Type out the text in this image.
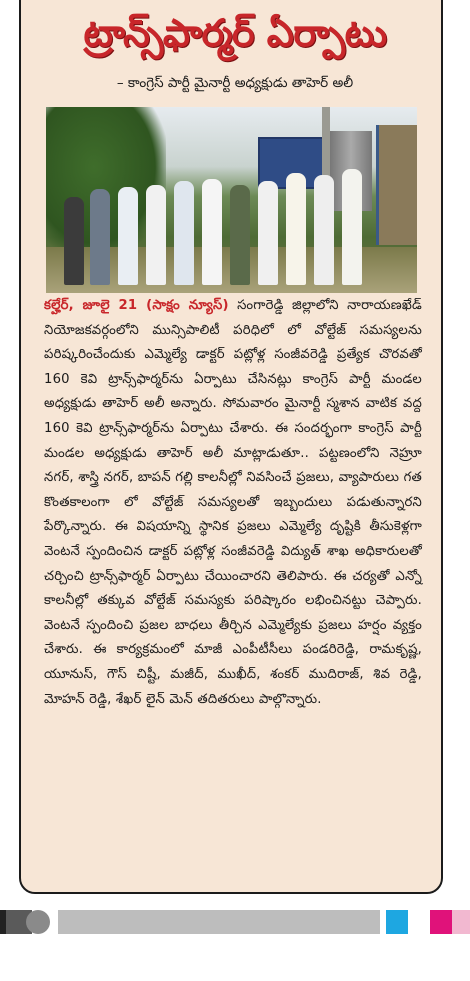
ట్రాన్స్‌ఫార్మర్ ఏర్పాటు
– కాంగ్రెస్ పార్టీ మైనార్టీ అధ్యక్షుడు తాహెర్ అలీ
కల్హేర్, జూలై 21 (సాక్షం న్యూస్) సంగారెడ్డి జిల్లాలోని నారాయణఖేడ్ నియోజకవర్గంలోని మున్సిపాలిటీ పరిధిలో లో వోల్టేజ్ సమస్యలను పరిష్కరించేందుకు ఎమ్మెల్యే డాక్టర్ పట్లోళ్ల సంజీవరెడ్డి ప్రత్యేక చొరవతో 160 కెవి ట్రాన్స్‌ఫార్మర్‌ను ఏర్పాటు చేసినట్లు కాంగ్రెస్ పార్టీ మండల అధ్యక్షుడు తాహెర్ అలీ అన్నారు. సోమవారం మైనార్టీ స్మశాన వాటిక వద్ద 160 కెవి ట్రాన్స్‌ఫార్మర్‌ను ఏర్పాటు చేశారు. ఈ సందర్భంగా కాంగ్రెస్ పార్టీ మండల అధ్యక్షుడు తాహెర్ అలీ మాట్లాడుతూ.. పట్టణంలోని నెహ్రూ నగర్, శాస్త్రి నగర్, బాపన్ గల్లి కాలనీల్లో నివసించే ప్రజలు, వ్యాపారులు గత కొంతకాలంగా లో వోల్టేజ్ సమస్యలతో ఇబ్బందులు పడుతున్నారని పేర్కొన్నారు. ఈ విషయాన్ని స్థానిక ప్రజలు ఎమ్మెల్యే దృష్టికి తీసుకెళ్లగా వెంటనే స్పందించిన డాక్టర్ పట్లోళ్ల సంజీవరెడ్డి విద్యుత్ శాఖ అధికారులతో చర్చించి ట్రాన్స్‌ఫార్మర్ ఏర్పాటు చేయించారని తెలిపారు. ఈ చర్యతో ఎన్నో కాలనీల్లో తక్కువ వోల్టేజ్ సమస్యకు పరిష్కారం లభించినట్టు చెప్పారు. వెంటనే స్పందించి ప్రజల బాధలు తీర్చిన ఎమ్మెల్యేకు ప్రజలు హర్షం వ్యక్తం చేశారు. ఈ కార్యక్రమంలో మాజీ ఎంపీటీసీలు పండరిరెడ్డి, రామకృష్ణ, యూనుస్, గౌస్ చిష్టీ, మజీద్, ముఖీద్, శంకర్ ముదిరాజ్, శివ రెడ్డి, మోహన్ రెడ్డి, శేఖర్ లైన్ మెన్ తదితరులు పాల్గొన్నారు.
